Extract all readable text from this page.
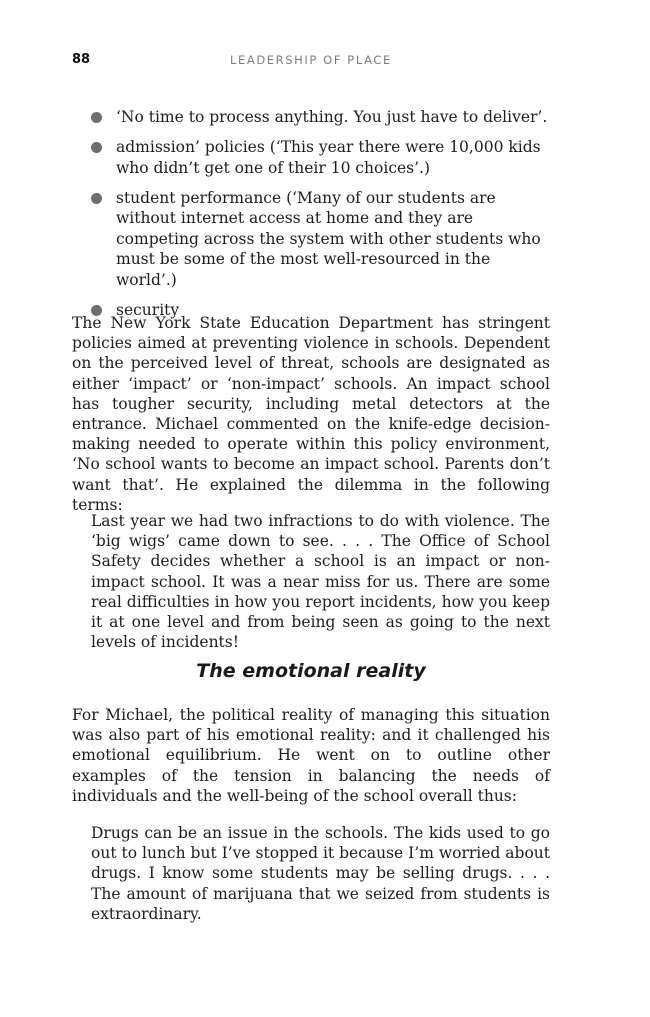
88	LEADERSHIP OF PLACE
‘No time to process anything. You just have to deliver’.
admission’ policies (‘This year there were 10,000 kids who didn’t get one of their 10 choices’.)
student performance (‘Many of our students are without internet access at home and they are competing across the system with other students who must be some of the most well-resourced in the world’.)
security

The New York State Education Department has stringent policies aimed at preventing violence in schools. Dependent on the perceived level of threat, schools are designated as either ‘impact’ or ‘non-impact’ schools. An impact school has tougher security, including metal detectors at the entrance. Michael commented on the knife-edge decision-making needed to operate within this policy environment, ‘No school wants to become an impact school. Parents don’t want that’. He explained the dilemma in the following terms:

Last year we had two infractions to do with violence. The ‘big wigs’ came down to see. . . . The Office of School Safety decides whether a school is an impact or non-impact school. It was a near miss for us. There are some real difficulties in how you report incidents, how you keep it at one level and from being seen as going to the next levels of incidents!

The emotional reality

For Michael, the political reality of managing this situation was also part of his emotional reality: and it challenged his emotional equilibrium. He went on to outline other examples of the tension in balancing the needs of individuals and the well-being of the school overall thus:

Drugs can be an issue in the schools. The kids used to go out to lunch but I’ve stopped it because I’m worried about drugs. I know some students may be selling drugs. . . . The amount of marijuana that we seized from students is extraordinary.
